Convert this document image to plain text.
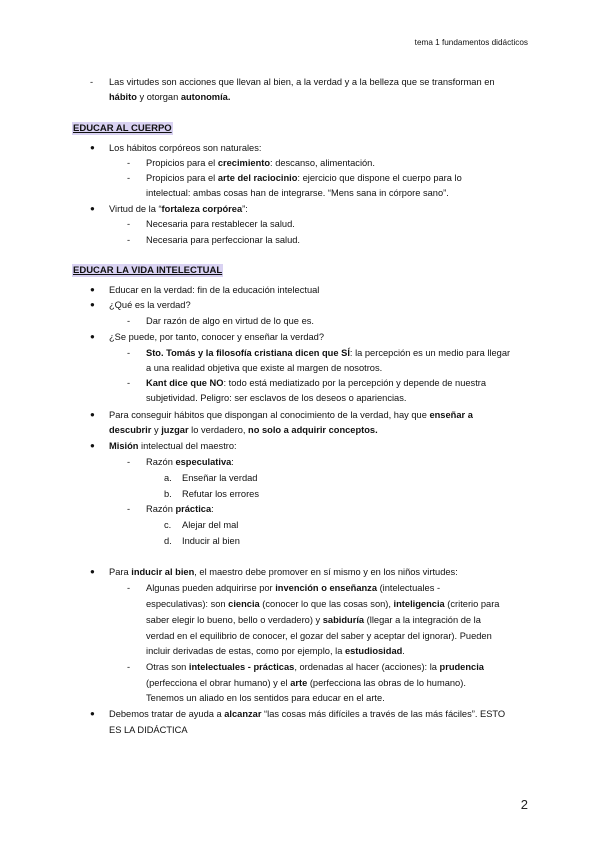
tema 1 fundamentos didácticos
- Las virtudes son acciones que llevan al bien, a la verdad y a la belleza que se transforman en
hábito y otorgan autonomía.
EDUCAR AL CUERPO
● Los hábitos corpóreos son naturales:
- Propicios para el crecimiento: descanso, alimentación.
- Propicios para el arte del raciocinio: ejercicio que dispone el cuerpo para lo
intelectual: ambas cosas han de integrarse. “Mens sana in córpore sano”.
● Virtud de la “fortaleza corpórea”:
- Necesaria para restablecer la salud.
- Necesaria para perfeccionar la salud.
EDUCAR LA VIDA INTELECTUAL
● Educar en la verdad: fin de la educación intelectual
● ¿Qué es la verdad?
- Dar razón de algo en virtud de lo que es.
● ¿Se puede, por tanto, conocer y enseñar la verdad?
- Sto. Tomás y la filosofía cristiana dicen que SÍ: la percepción es un medio para llegar
a una realidad objetiva que existe al margen de nosotros.
- Kant dice que NO: todo está mediatizado por la percepción y depende de nuestra
subjetividad. Peligro: ser esclavos de los deseos o apariencias.
● Para conseguir hábitos que dispongan al conocimiento de la verdad, hay que enseñar a
descubrir y juzgar lo verdadero, no solo a adquirir conceptos.
● Misión intelectual del maestro:
- Razón especulativa:
a. Enseñar la verdad
b. Refutar los errores
- Razón práctica:
c. Alejar del mal
d. Inducir al bien
● Para inducir al bien, el maestro debe promover en sí mismo y en los niños virtudes:
- Algunas pueden adquirirse por invención o enseñanza (intelectuales -
especulativas): son ciencia (conocer lo que las cosas son), inteligencia (criterio para
saber elegir lo bueno, bello o verdadero) y sabiduría (llegar a la integración de la
verdad en el equilibrio de conocer, el gozar del saber y aceptar del ignorar). Pueden
incluir derivadas de estas, como por ejemplo, la estudiosidad.
- Otras son intelectuales - prácticas, ordenadas al hacer (acciones): la prudencia
(perfecciona el obrar humano) y el arte (perfecciona las obras de lo humano).
Tenemos un aliado en los sentidos para educar en el arte.
● Debemos tratar de ayuda a alcanzar “las cosas más difíciles a través de las más fáciles”. ESTO
ES LA DIDÁCTICA
2
